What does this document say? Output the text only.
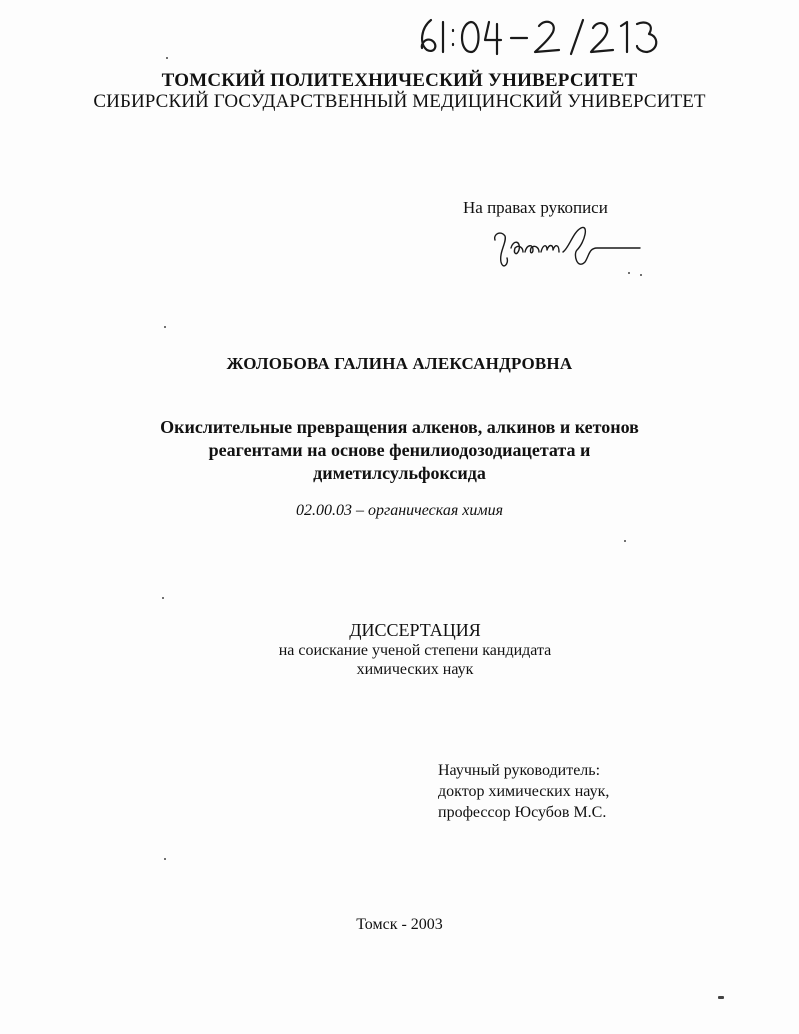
ТОМСКИЙ ПОЛИТЕХНИЧЕСКИЙ УНИВЕРСИТЕТ
СИБИРСКИЙ ГОСУДАРСТВЕННЫЙ МЕДИЦИНСКИЙ УНИВЕРСИТЕТ
На правах рукописи
ЖОЛОБОВА ГАЛИНА АЛЕКСАНДРОВНА
Окислительные превращения алкенов, алкинов и кетонов
реагентами на основе фенилиодозодиацетата и
диметилсульфоксида
02.00.03 – органическая химия
ДИССЕРТАЦИЯ
на соискание ученой степени кандидата
химических наук
Научный руководитель:
доктор химических наук,
профессор Юсубов М.С.
Томск - 2003
